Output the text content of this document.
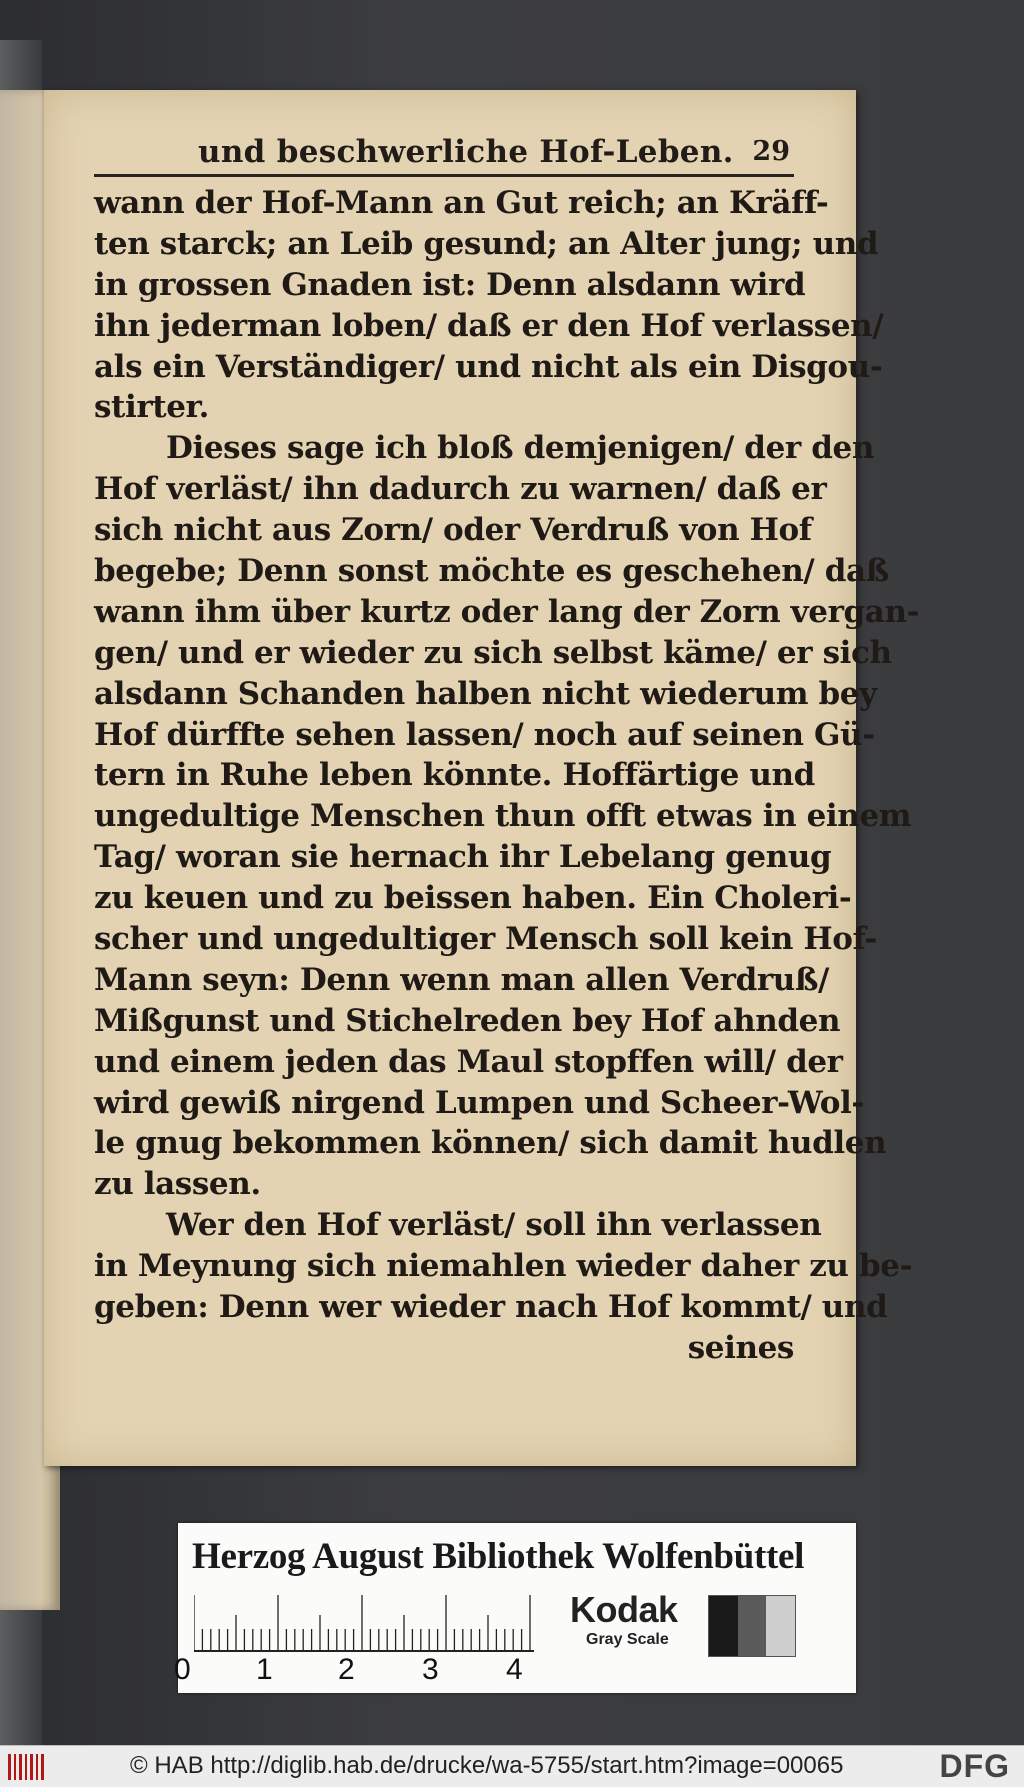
und beschwerliche Hof-Leben. 29
wann der Hof-Mann an Gut reich; an Kräff-
ten starck; an Leib gesund; an Alter jung; und
in grossen Gnaden ist: Denn alsdann wird
ihn jederman loben/ daß er den Hof verlassen/
als ein Verständiger/ und nicht als ein Disgou-
stirter.
Dieses sage ich bloß demjenigen/ der den
Hof verläst/ ihn dadurch zu warnen/ daß er
sich nicht aus Zorn/ oder Verdruß von Hof
begebe; Denn sonst möchte es geschehen/ daß
wann ihm über kurtz oder lang der Zorn vergan-
gen/ und er wieder zu sich selbst käme/ er sich
alsdann Schanden halben nicht wiederum bey
Hof dürffte sehen lassen/ noch auf seinen Gü-
tern in Ruhe leben könnte. Hoffärtige und
ungedultige Menschen thun offt etwas in einem
Tag/ woran sie hernach ihr Lebelang genug
zu keuen und zu beissen haben. Ein Choleri-
scher und ungedultiger Mensch soll kein Hof-
Mann seyn: Denn wenn man allen Verdruß/
Mißgunst und Stichelreden bey Hof ahnden
und einem jeden das Maul stopffen will/ der
wird gewiß nirgend Lumpen und Scheer-Wol-
le gnug bekommen können/ sich damit hudlen
zu lassen.
Wer den Hof verläst/ soll ihn verlassen
in Meynung sich niemahlen wieder daher zu be-
geben: Denn wer wieder nach Hof kommt/ und
seines
Herzog August Bibliothek Wolfenbüttel
0 1 2 3 4
Kodak
Gray Scale
© HAB http://diglib.hab.de/drucke/wa-5755/start.htm?image=00065	DFG
